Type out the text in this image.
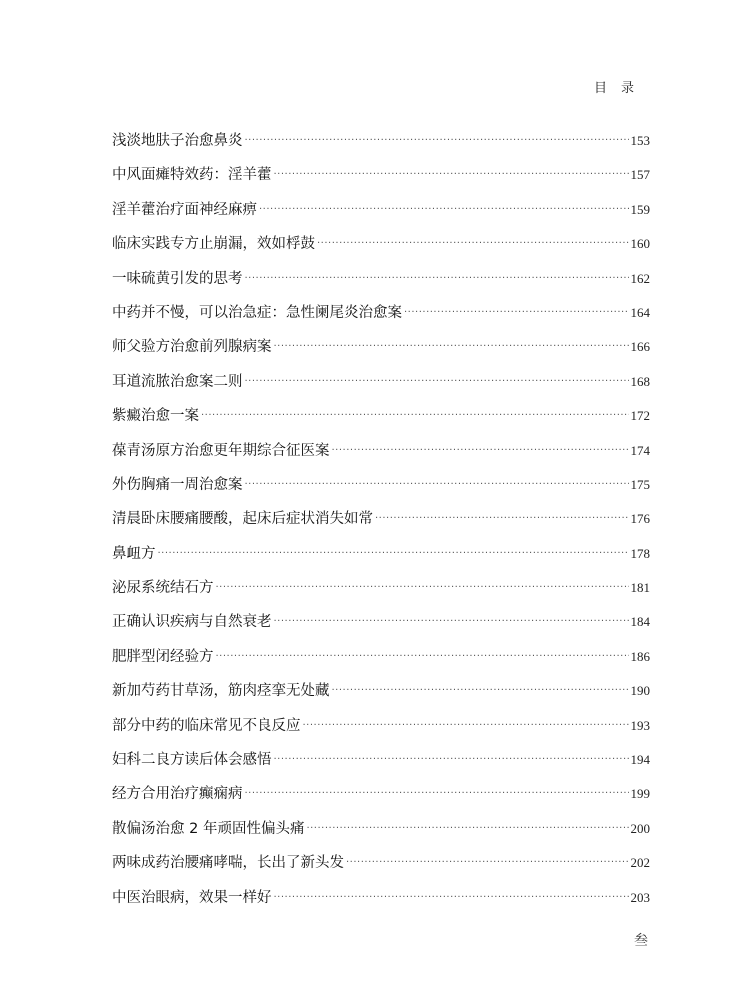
目录
浅淡地肤子治愈鼻炎 ·····	153
中风面瘫特效药：淫羊藿 ·····	157
淫羊藿治疗面神经麻痹 ·····	159
临床实践专方止崩漏，效如桴鼓 ·····	160
一味硫黄引发的思考 ·····	162
中药并不慢，可以治急症：急性阑尾炎治愈案 ·····	164
师父验方治愈前列腺病案 ·····	166
耳道流脓治愈案二则 ·····	168
紫癜治愈一案 ·····	172
葆青汤原方治愈更年期综合征医案 ·····	174
外伤胸痛一周治愈案 ·····	175
清晨卧床腰痛腰酸，起床后症状消失如常 ·····	176
鼻衄方 ·····	178
泌尿系统结石方 ·····	181
正确认识疾病与自然衰老 ·····	184
肥胖型闭经验方 ·····	186
新加芍药甘草汤，筋肉痉挛无处藏 ·····	190
部分中药的临床常见不良反应 ·····	193
妇科二良方读后体会感悟 ·····	194
经方合用治疗癫痫病 ·····	199
散偏汤治愈 2 年顽固性偏头痛 ·····	200
两味成药治腰痛哮喘，长出了新头发 ·····	202
中医治眼病，效果一样好 ·····	203
叁
